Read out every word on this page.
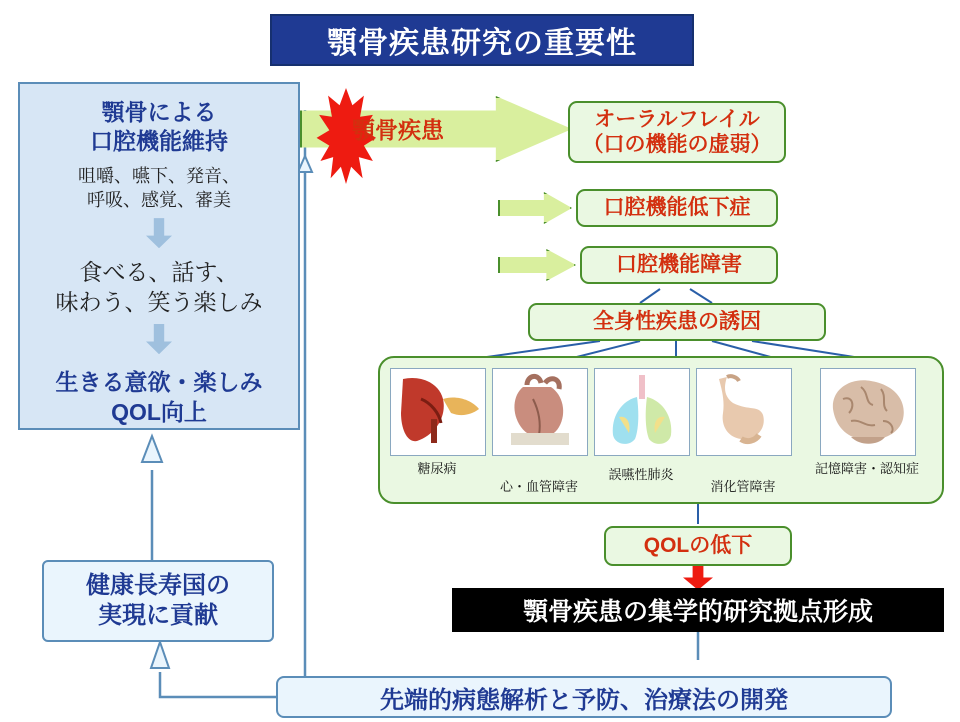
顎骨疾患研究の重要性
顎骨による
口腔機能維持
咀嚼、嚥下、発音、
呼吸、感覚、審美
食べる、話す、
味わう、笑う楽しみ
生きる意欲・楽しみ
QOL向上
顎骨疾患	オーラルフレイル
（口の機能の虚弱）
口腔機能低下症
口腔機能障害
全身性疾患の誘因
糖尿病
心・血管障害
誤嚥性肺炎
消化管障害
記憶障害・認知症
QOLの低下
顎骨疾患の集学的研究拠点形成
先端的病態解析と予防、治療法の開発
健康長寿国の
実現に貢献
